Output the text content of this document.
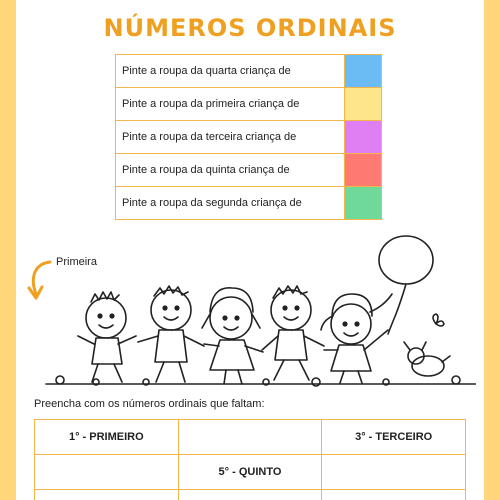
NÚMEROS ORDINAIS
Pinte a roupa da quarta criança de	
Pinte a roupa da primeira criança de	
Pinte a roupa da terceira criança de	
Pinte a roupa da quinta criança de	
Pinte a roupa da segunda criança de	
Primeira

Preencha com os números ordinais que faltam:

1° - PRIMEIRO		3° - TERCEIRO
	5° - QUINTO	
